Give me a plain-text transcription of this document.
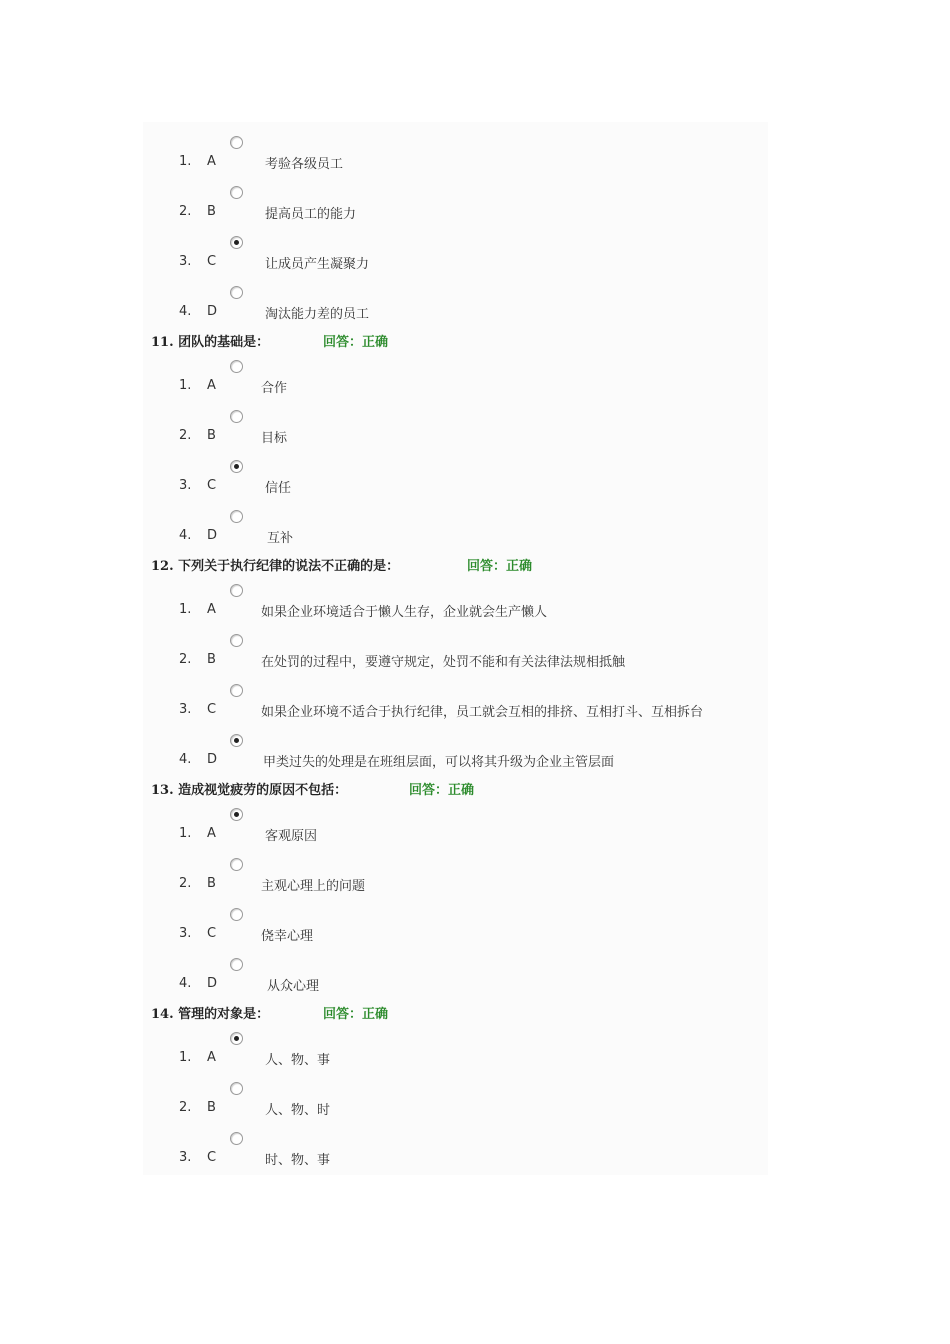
1. A	考验各级员工
2. B	提高员工的能力
3. C	让成员产生凝聚力
4. D	淘汰能力差的员工
11. 团队的基础是：	回答：正确
1. A	合作
2. B	目标
3. C	信任
4. D	互补
12. 下列关于执行纪律的说法不正确的是：	回答：正确
1. A	如果企业环境适合于懒人生存，企业就会生产懒人
2. B	在处罚的过程中，要遵守规定，处罚不能和有关法律法规相抵触
3. C	如果企业环境不适合于执行纪律，员工就会互相的排挤、互相打斗、互相拆台
4. D	甲类过失的处理是在班组层面，可以将其升级为企业主管层面
13. 造成视觉疲劳的原因不包括：	回答：正确
1. A	客观原因
2. B	主观心理上的问题
3. C	侥幸心理
4. D	从众心理
14. 管理的对象是：	回答：正确
1. A	人、物、事
2. B	人、物、时
3. C	时、物、事
